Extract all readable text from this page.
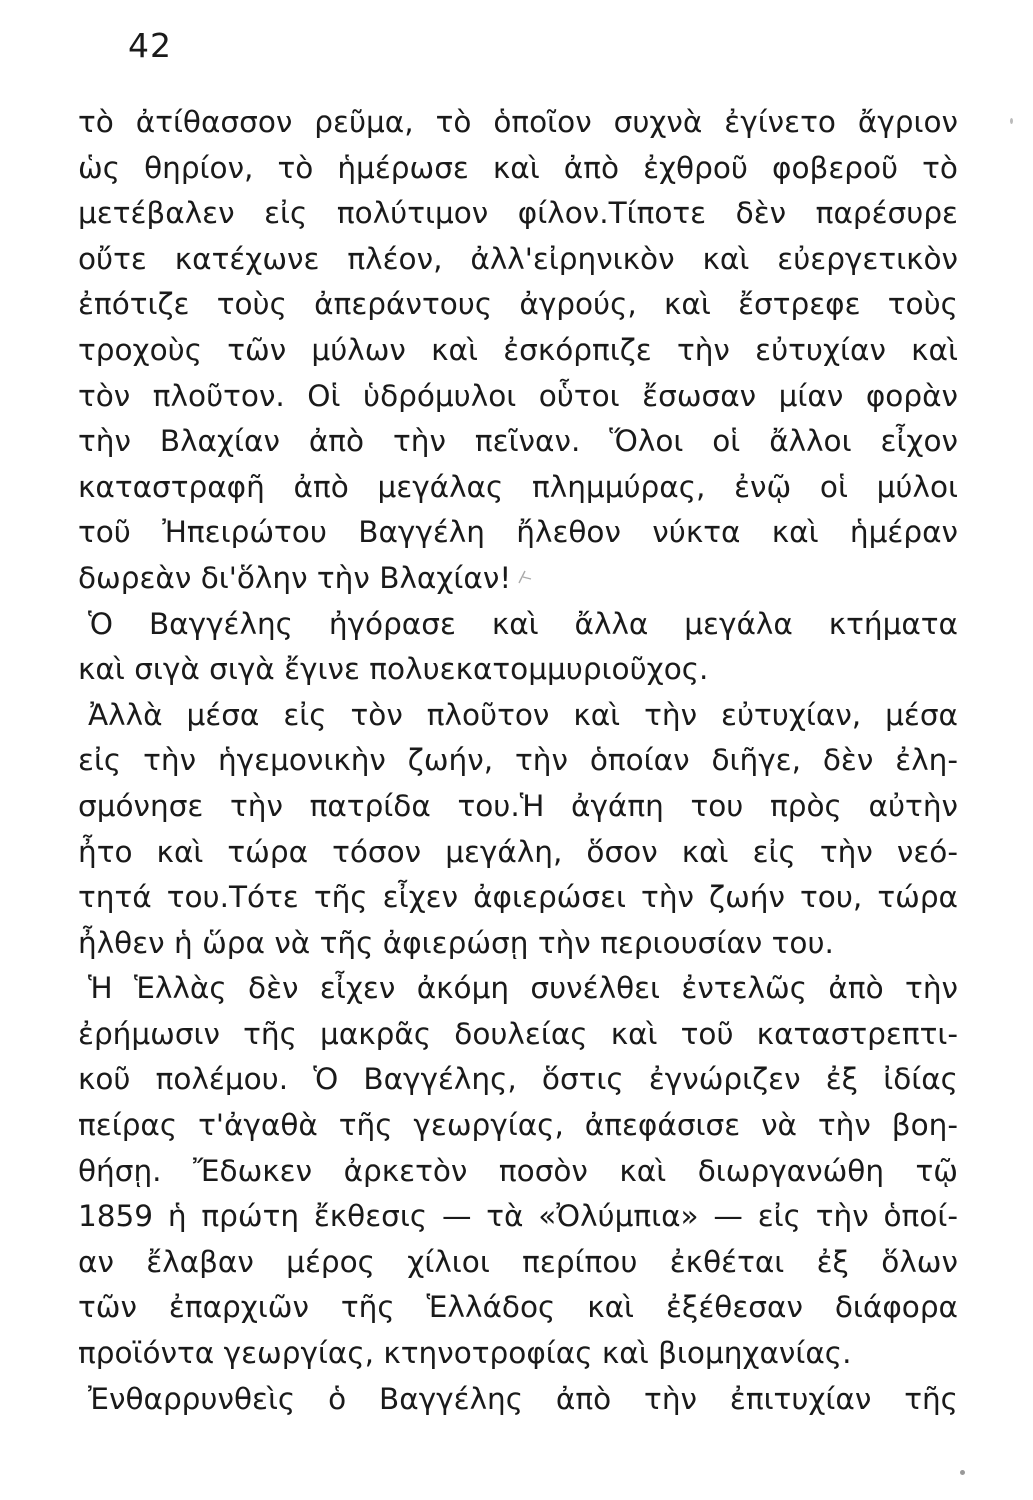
42
τὸ ἀτίθασσον ρεῦμα, τὸ ὁποῖον συχνὰ ἐγίνετο ἄγριον
ὡς θηρίον, τὸ ἡμέρωσε καὶ ἀπὸ ἐχθροῦ φοβεροῦ τὸ
μετέβαλεν εἰς πολύτιμον φίλον.Τίποτε δὲν παρέσυρε
οὔτε κατέχωνε πλέον, ἀλλ'εἰρηνικὸν καὶ εὐεργετικὸν
ἐπότιζε τοὺς ἀπεράντους ἀγρούς, καὶ ἔστρεφε τοὺς
τροχοὺς τῶν μύλων καὶ ἐσκόρπιζε τὴν εὐτυχίαν καὶ
τὸν πλοῦτον. Οἱ ὑδρόμυλοι οὗτοι ἔσωσαν μίαν φορὰν
τὴν Βλαχίαν ἀπὸ τὴν πεῖναν. Ὅλοι οἱ ἄλλοι εἶχον
καταστραφῆ ἀπὸ μεγάλας πλημμύρας, ἐνῷ οἱ μύλοι
τοῦ Ἠπειρώτου Βαγγέλη ἤλεθον νύκτα καὶ ἡμέραν
δωρεὰν δι'ὅλην τὴν Βλαχίαν!
Ὁ Βαγγέλης ἠγόρασε καὶ ἄλλα μεγάλα κτήματα
καὶ σιγὰ σιγὰ ἔγινε πολυεκατομμυριοῦχος.
Ἀλλὰ μέσα εἰς τὸν πλοῦτον καὶ τὴν εὐτυχίαν, μέσα
εἰς τὴν ἡγεμονικὴν ζωήν, τὴν ὁποίαν διῆγε, δὲν ἐλη-
σμόνησε τὴν πατρίδα του.Ἡ ἀγάπη του πρὸς αὐτὴν
ἦτο καὶ τώρα τόσον μεγάλη, ὅσον καὶ εἰς τὴν νεό-
τητά του.Τότε τῆς εἶχεν ἀφιερώσει τὴν ζωήν του, τώρα
ἦλθεν ἡ ὥρα νὰ τῆς ἀφιερώσῃ τὴν περιουσίαν του.
Ἡ Ἑλλὰς δὲν εἶχεν ἀκόμη συνέλθει ἐντελῶς ἀπὸ τὴν
ἐρήμωσιν τῆς μακρᾶς δουλείας καὶ τοῦ καταστρεπτι-
κοῦ πολέμου. Ὁ Βαγγέλης, ὅστις ἐγνώριζεν ἐξ ἰδίας
πείρας τ'ἀγαθὰ τῆς γεωργίας, ἀπεφάσισε νὰ τὴν βοη-
θήσῃ. Ἔδωκεν ἀρκετὸν ποσὸν καὶ διωργανώθη τῷ
1859 ἡ πρώτη ἔκθεσις — τὰ «Ὀλύμπια» — εἰς τὴν ὁποί-
αν ἔλαβαν μέρος χίλιοι περίπου ἐκθέται ἐξ ὅλων
τῶν ἐπαρχιῶν τῆς Ἑλλάδος καὶ ἐξέθεσαν διάφορα
προϊόντα γεωργίας, κτηνοτροφίας καὶ βιομηχανίας.
Ἐνθαρρυνθεὶς ὁ Βαγγέλης ἀπὸ τὴν ἐπιτυχίαν τῆς
